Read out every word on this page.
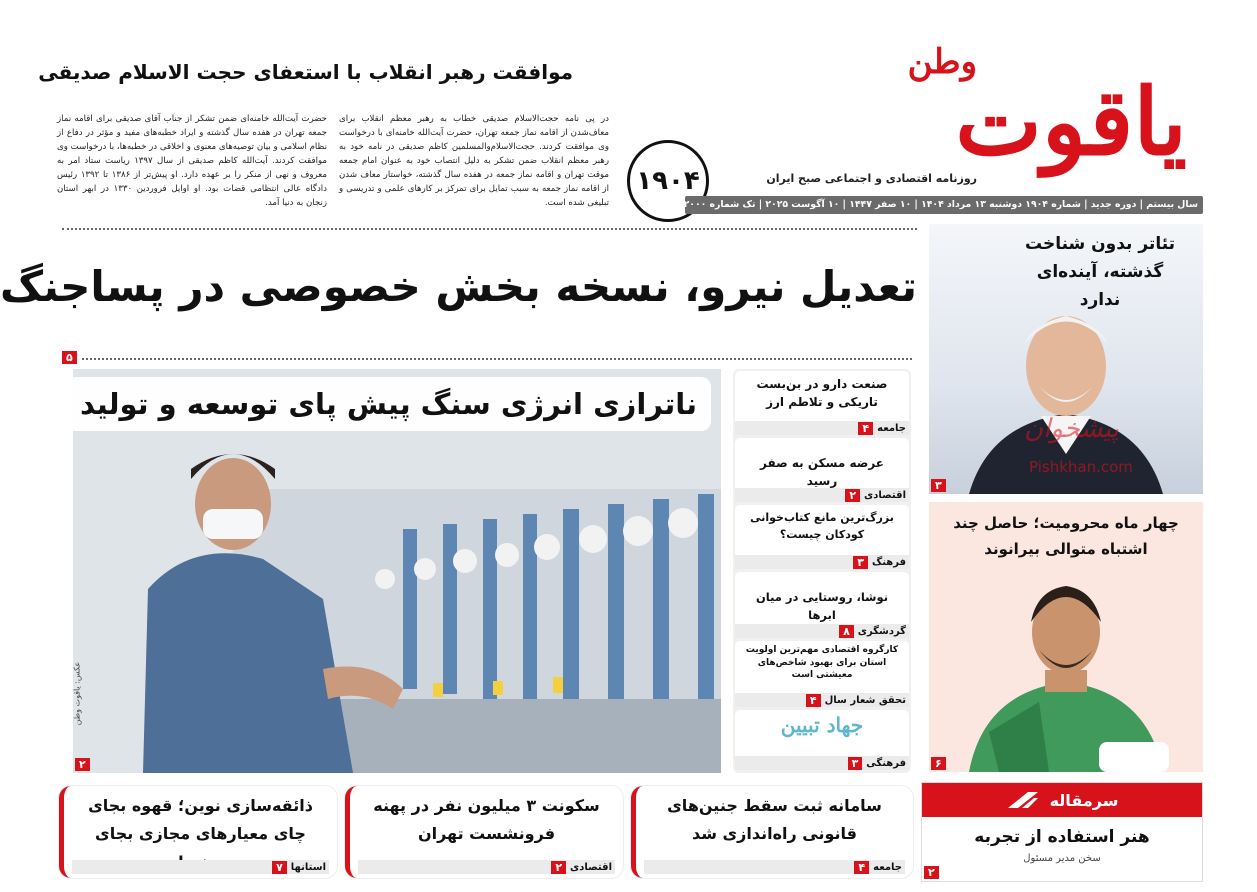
وطن
یاقوت
روزنامه اقتصادی و اجتماعی صبح ایران
۱۹۰۴
سال بیستم | دوره جدید | شماره ۱۹۰۴ دوشنبه ۱۳ مرداد ۱۴۰۴ | ۱۰ صفر ۱۴۴۷ | ۱۰ آگوست ۲۰۲۵ | تک شماره ۱۲۰۰۰ تومان
موافقت رهبر انقلاب با استعفای حجت الاسلام صدیقی
در پی نامه حجت‌الاسلام صدیقی خطاب به رهبر معظم انقلاب برای معاف‌شدن از اقامه نماز جمعه تهران، حضرت آیت‌الله خامنه‌ای با درخواست وی موافقت کردند. حجت‌الاسلام‌والمسلمین کاظم صدیقی در نامه خود به رهبر معظم انقلاب ضمن تشکر به دلیل انتصاب خود به عنوان امام جمعه موقت تهران و اقامه نماز جمعه در هفده سال گذشته، خواستار معاف شدن از اقامه نماز جمعه به سبب تمایل برای تمرکز بر کارهای علمی و تدریسی و تبلیغی شده است.
حضرت آیت‌الله خامنه‌ای ضمن تشکر از جناب آقای صدیقی برای اقامه نماز جمعه تهران در هفده سال گذشته و ایراد خطبه‌های مفید و مؤثر در دفاع از نظام اسلامی و بیان توصیه‌های معنوی و اخلاقی در خطبه‌ها، با درخواست وی موافقت کردند. آیت‌الله کاظم صدیقی از سال ۱۳۹۷ ریاست ستاد امر به معروف و نهی از منکر را بر عهده دارد. او پیش‌تر از ۱۳۸۶ تا ۱۳۹۲ رئیس دادگاه عالی انتظامی قضات بود. او اوایل فروردین ۱۳۳۰ در ابهر استان زنجان به دنیا آمد.
تعدیل نیرو، نسخه بخش خصوصی در پساجنگ
۵
ناترازی انرژی سنگ پیش پای توسعه و تولید
عکس: یاقوت وطن
۲
صنعت دارو در بن‌بست تاریکی و تلاطم ارز
جامعه
۴
عرضه مسکن به صفر رسید
اقتصادی
۲
بزرگ‌ترین مانع کتاب‌خوانی کودکان چیست؟
فرهنگ
۳
نوشا، روستایی در میان ابرها
گردشگری
۸
کارگروه اقتصادی مهم‌ترین اولویت استان برای بهبود شاخص‌های معیشتی است
تحقق شعار سال
۴
جهاد تبیین
فرهنگی
۳
تئاتر بدون شناخت گذشته، آینده‌ای ندارد
پیشخوان
Pishkhan.com
۳
چهار ماه محرومیت؛ حاصل چند اشتباه متوالی بیرانوند
۶
ذائقه‌سازی نوین؛ قهوه بجای چای معیارهای مجازی بجای
استانها
۷
سکونت ۳ میلیون نفر در پهنه فرونشست تهران
اقتصادی
۲
سامانه ثبت سقط جنین‌های قانونی راه‌اندازی شد
جامعه
۴
سرمقاله
هنر استفاده از تجربه
سخن مدیر مسئول
۲
